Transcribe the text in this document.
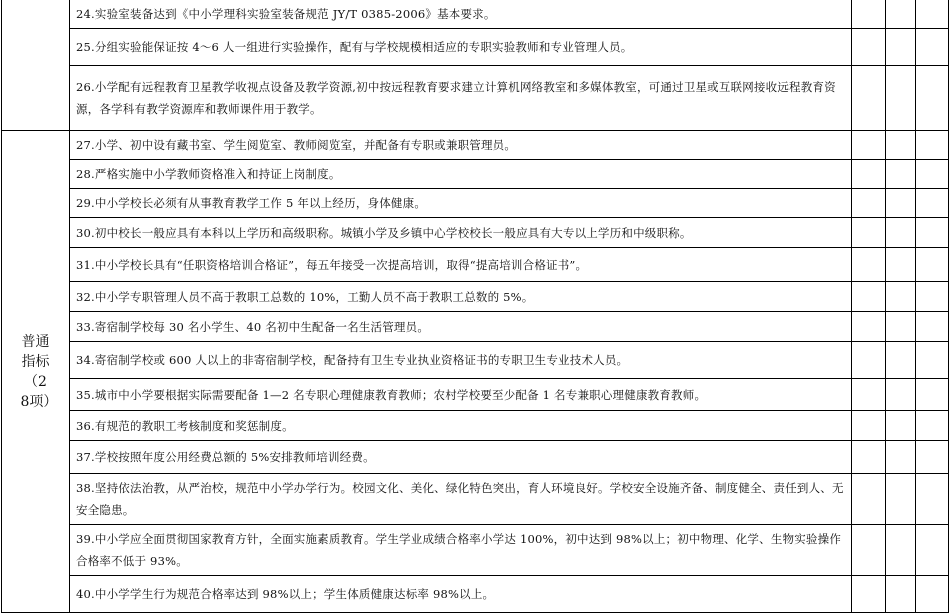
	24.实验室装备达到《中小学理科实验室装备规范 JY/T 0385-2006》基本要求。			
	25.分组实验能保证按 4～6 人一组进行实验操作，配有与学校规模相适应的专职实验教师和专业管理人员。			
	26.小学配有远程教育卫星教学收视点设备及教学资源,初中按远程教育要求建立计算机网络教室和多媒体教室，可通过卫星或互联网接收远程教育资源，各学科有教学资源库和教师课件用于教学。			
普通指标（28项）	27.小学、初中设有藏书室、学生阅览室、教师阅览室，并配备有专职或兼职管理员。			
	28.严格实施中小学教师资格准入和持证上岗制度。			
	29.中小学校长必须有从事教育教学工作 5 年以上经历，身体健康。			
	30.初中校长一般应具有本科以上学历和高级职称。城镇小学及乡镇中心学校校长一般应具有大专以上学历和中级职称。			
	31.中小学校长具有“任职资格培训合格证”，每五年接受一次提高培训，取得“提高培训合格证书”。			
	32.中小学专职管理人员不高于教职工总数的 10%，工勤人员不高于教职工总数的 5%。			
	33.寄宿制学校每 30 名小学生、40 名初中生配备一名生活管理员。			
	34.寄宿制学校或 600 人以上的非寄宿制学校，配备持有卫生专业执业资格证书的专职卫生专业技术人员。			
	35.城市中小学要根据实际需要配备 1—2 名专职心理健康教育教师；农村学校要至少配备 1 名专兼职心理健康教育教师。			
	36.有规范的教职工考核制度和奖惩制度。			
	37.学校按照年度公用经费总额的 5%安排教师培训经费。			
	38.坚持依法治教，从严治校，规范中小学办学行为。校园文化、美化、绿化特色突出，育人环境良好。学校安全设施齐备、制度健全、责任到人、无安全隐患。			
	39.中小学应全面贯彻国家教育方针，全面实施素质教育。学生学业成绩合格率小学达 100%，初中达到 98%以上；初中物理、化学、生物实验操作合格率不低于 93%。			
	40.中小学学生行为规范合格率达到 98%以上；学生体质健康达标率 98%以上。			
